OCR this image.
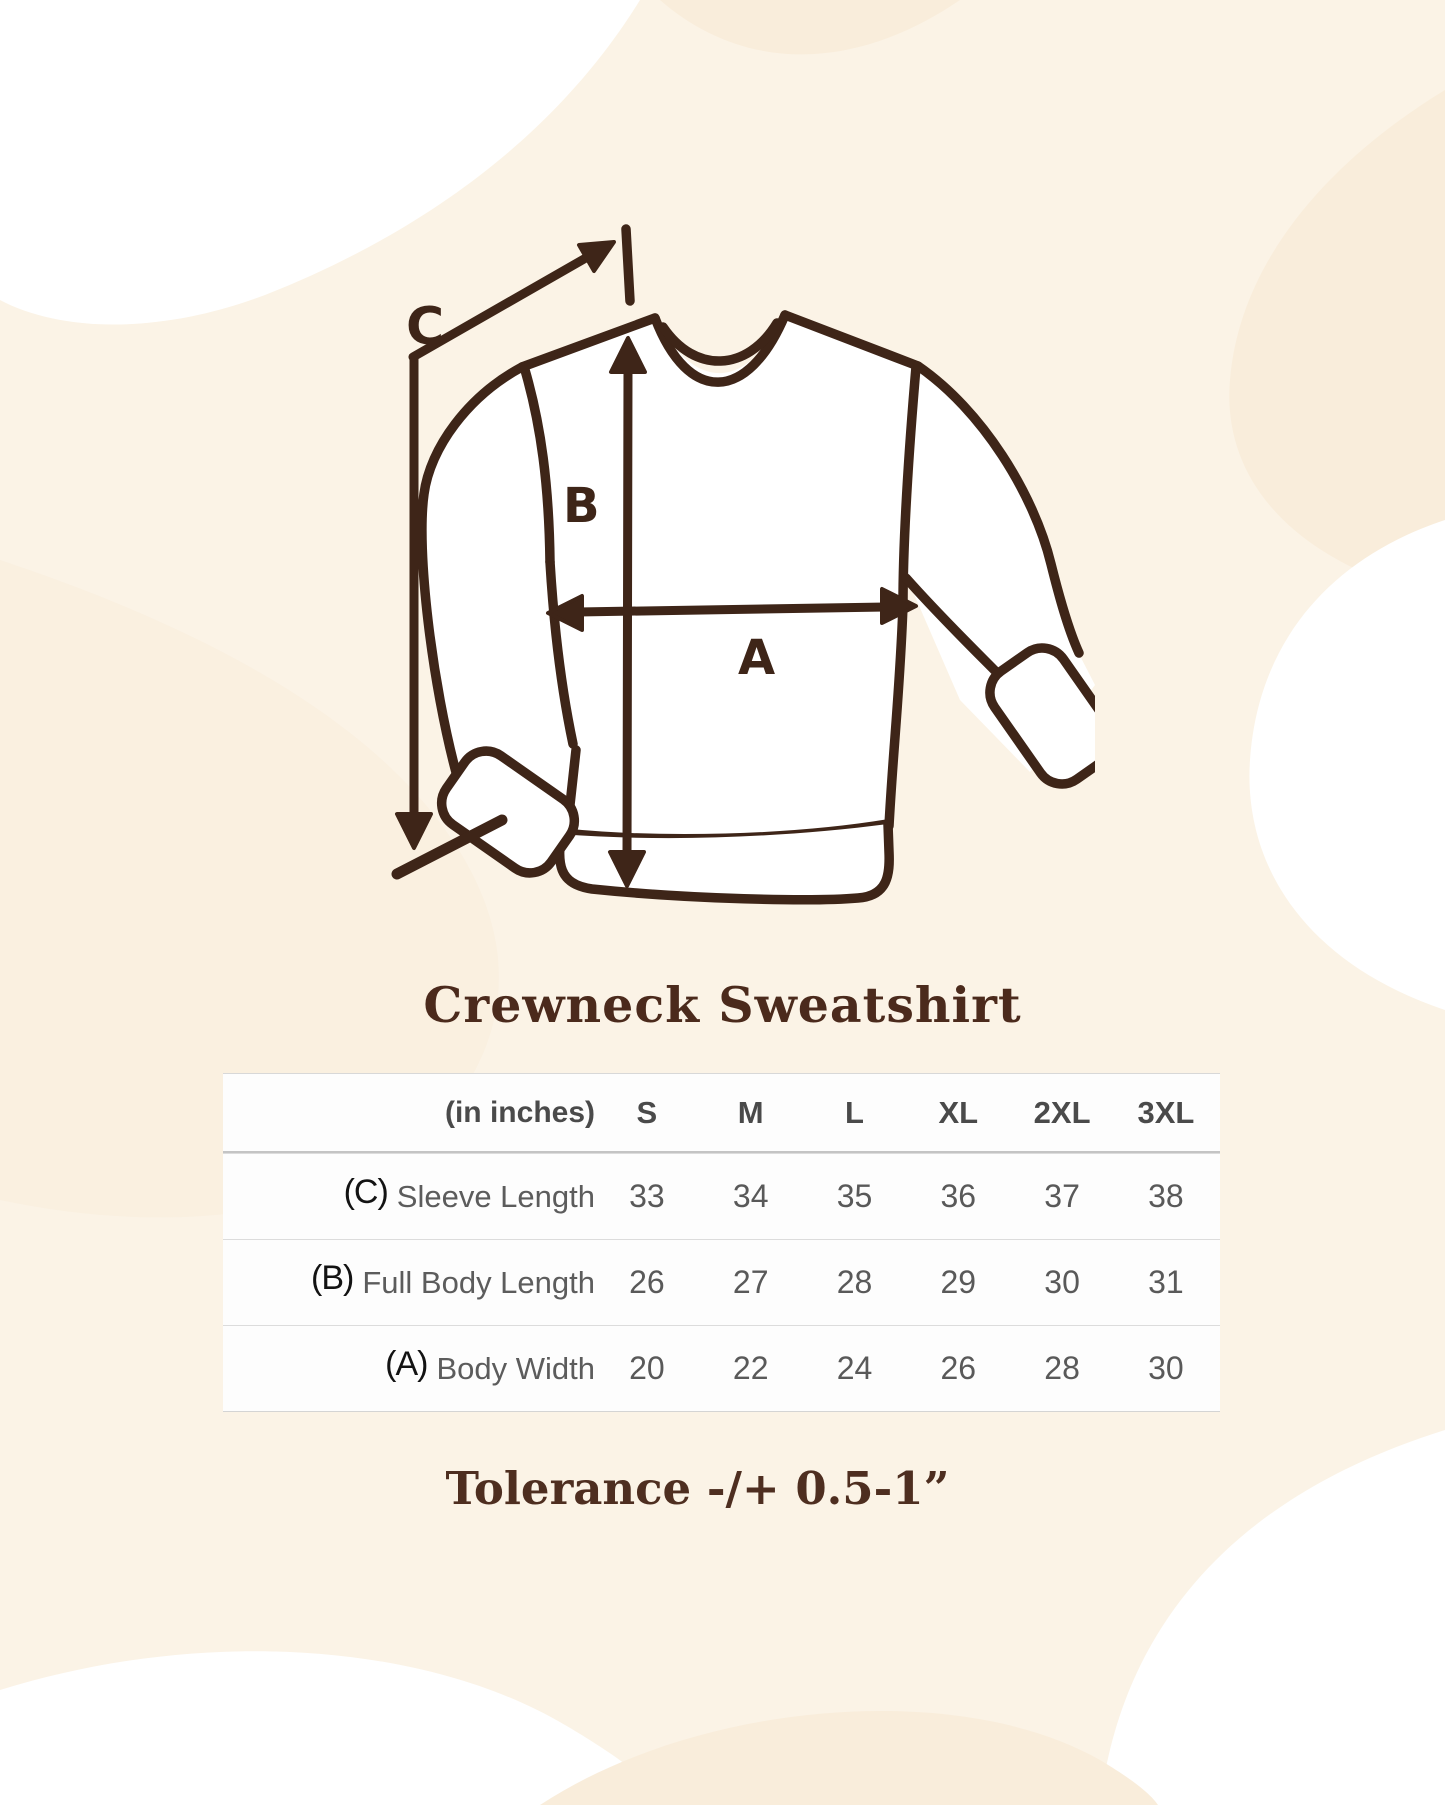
C
B
A
Crewneck Sweatshirt
(in inches)	S	M	L	XL	2XL	3XL
(C) Sleeve Length	33	34	35	36	37	38
(B) Full Body Length	26	27	28	29	30	31
(A) Body Width	20	22	24	26	28	30
Tolerance -/+ 0.5-1”
